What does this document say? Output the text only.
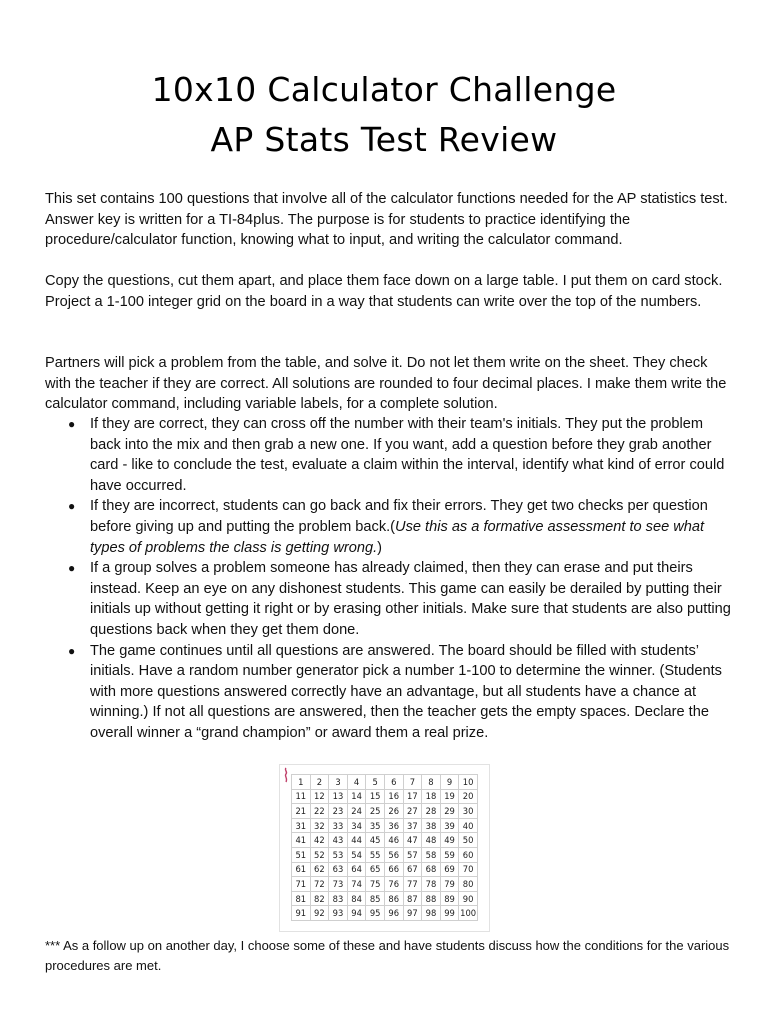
10x10 Calculator Challenge
AP Stats Test Review

This set contains 100 questions that involve all of the calculator functions needed for the AP statistics test. Answer key is written for a TI-84plus. The purpose is for students to practice identifying the procedure/calculator function, knowing what to input, and writing the calculator command.

Copy the questions, cut them apart, and place them face down on a large table. I put them on card stock. Project a 1-100 integer grid on the board in a way that students can write over the top of the numbers.

Partners will pick a problem from the table, and solve it. Do not let them write on the sheet. They check with the teacher if they are correct. All solutions are rounded to four decimal places. I make them write the calculator command, including variable labels, for a complete solution.

● If they are correct, they can cross off the number with their team's initials. They put the problem back into the mix and then grab a new one. If you want, add a question before they grab another card - like to conclude the test, evaluate a claim within the interval, identify what kind of error could have occurred.
● If they are incorrect, students can go back and fix their errors. They get two checks per question before giving up and putting the problem back.(Use this as a formative assessment to see what types of problems the class is getting wrong.)
● If a group solves a problem someone has already claimed, then they can erase and put theirs instead. Keep an eye on any dishonest students. This game can easily be derailed by putting their initials up without getting it right or by erasing other initials. Make sure that students are also putting questions back when they get them done.
● The game continues until all questions are answered. The board should be filled with students’ initials. Have a random number generator pick a number 1-100 to determine the winner. (Students with more questions answered correctly have an advantage, but all students have a chance at winning.) If not all questions are answered, then the teacher gets the empty spaces. Declare the overall winner a “grand champion” or award them a real prize.
1	2	3	4	5	6	7	8	9	10
11	12	13	14	15	16	17	18	19	20
21	22	23	24	25	26	27	28	29	30
31	32	33	34	35	36	37	38	39	40
41	42	43	44	45	46	47	48	49	50
51	52	53	54	55	56	57	58	59	60
61	62	63	64	65	66	67	68	69	70
71	72	73	74	75	76	77	78	79	80
81	82	83	84	85	86	87	88	89	90
91	92	93	94	95	96	97	98	99	100

*** As a follow up on another day, I choose some of these and have students discuss how the conditions for the various procedures are met.
